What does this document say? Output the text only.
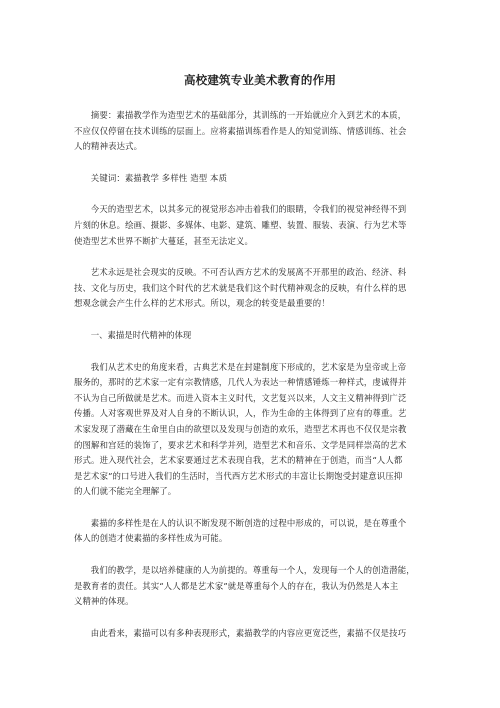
高校建筑专业美术教育的作用
摘要：素描教学作为造型艺术的基础部分，其训练的一开始就应介入到艺术的本质，
不应仅仅停留在技术训练的层面上。应将素描训练看作是人的知觉训练、情感训练、社会
人的精神表达式。
关键词：素描教学 多样性 造型 本质
今天的造型艺术，以其多元的视觉形态冲击着我们的眼睛，令我们的视觉神经得不到
片刻的休息。绘画、摄影、多媒体、电影、建筑、雕塑、装置、服装、表演、行为艺术等
使造型艺术世界不断扩大蔓延，甚至无法定义。
艺术永远是社会现实的反映。不可否认西方艺术的发展离不开那里的政治、经济、科
技、文化与历史，我们这个时代的艺术就是我们这个时代精神观念的反映，有什么样的思
想观念就会产生什么样的艺术形式。所以，观念的转变是最重要的！
一、素描是时代精神的体现
我们从艺术史的角度来看，古典艺术是在封建制度下形成的，艺术家是为皇帝或上帝
服务的，那时的艺术家一定有宗教情感，几代人为表达一种情感锤炼一种样式，虔诚得并
不认为自己所做就是艺术。而进入资本主义时代，文艺复兴以来，人文主义精神得到广泛
传播。人对客观世界及对人自身的不断认识，人，作为生命的主体得到了应有的尊重。艺
术家发现了潜藏在生命里自由的欲望以及发现与创造的欢乐，造型艺术再也不仅仅是宗教
的图解和宫廷的装饰了，要求艺术和科学并列，造型艺术和音乐、文学是同样崇高的艺术
形式。进入现代社会，艺术家要通过艺术表现自我，艺术的精神在于创造，而当“人人都
是艺术家”的口号进入我们的生活时，当代西方艺术形式的丰富让长期饱受封建意识压抑
的人们就不能完全理解了。
素描的多样性是在人的认识不断发现不断创造的过程中形成的，可以说，是在尊重个
体人的创造才使素描的多样性成为可能。
我们的教学，是以培养健康的人为前提的。尊重每一个人，发现每一个人的创造潜能，
是教育者的责任。其实“人人都是艺术家”就是尊重每个人的存在，我认为仍然是人本主
义精神的体现。
由此看来，素描可以有多种表现形式，素描教学的内容应更宽泛些，素描不仅是技巧
